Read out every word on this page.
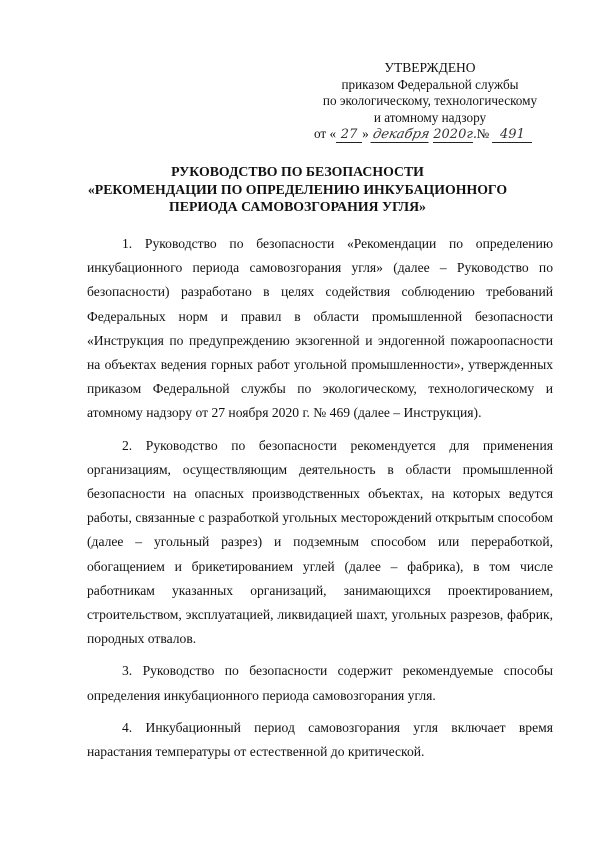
УТВЕРЖДЕНО
приказом Федеральной службы
по экологическому, технологическому
и атомному надзору
от « 27 » декабря 2020г. № 491
РУКОВОДСТВО ПО БЕЗОПАСНОСТИ
«РЕКОМЕНДАЦИИ ПО ОПРЕДЕЛЕНИЮ ИНКУБАЦИОННОГО
ПЕРИОДА САМОВОЗГОРАНИЯ УГЛЯ»

1. Руководство по безопасности «Рекомендации по определению инкубационного периода самовозгорания угля» (далее – Руководство по безопасности) разработано в целях содействия соблюдению требований Федеральных норм и правил в области промышленной безопасности «Инструкция по предупреждению экзогенной и эндогенной пожароопасности на объектах ведения горных работ угольной промышленности», утвержденных приказом Федеральной службы по экологическому, технологическому и атомному надзору от 27 ноября 2020 г. № 469 (далее – Инструкция).

2. Руководство по безопасности рекомендуется для применения организациям, осуществляющим деятельность в области промышленной безопасности на опасных производственных объектах, на которых ведутся работы, связанные с разработкой угольных месторождений открытым способом (далее – угольный разрез) и подземным способом или переработкой, обогащением и брикетированием углей (далее – фабрика), в том числе работникам указанных организаций, занимающихся проектированием, строительством, эксплуатацией, ликвидацией шахт, угольных разрезов, фабрик, породных отвалов.

3. Руководство по безопасности содержит рекомендуемые способы определения инкубационного периода самовозгорания угля.

4. Инкубационный период самовозгорания угля включает время нарастания температуры от естественной до критической.
